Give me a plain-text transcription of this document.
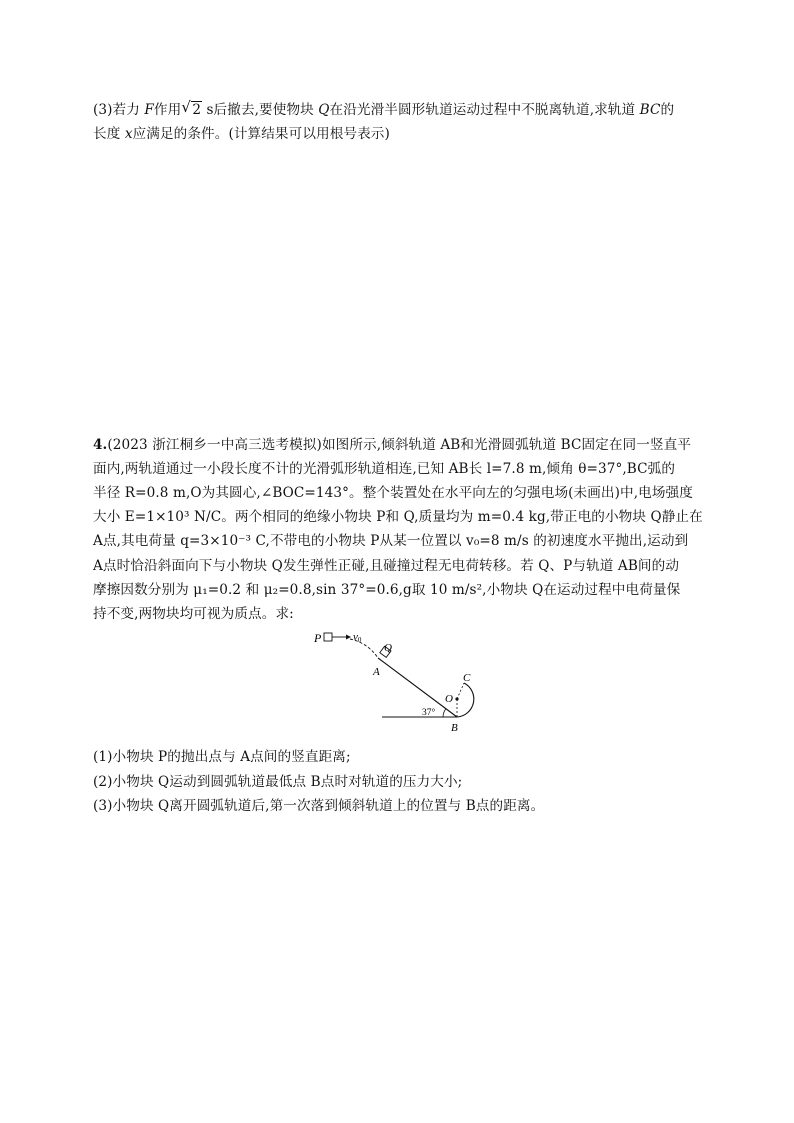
(3)若力 F作用 √ 2 s后撤去,要使物块 Q在沿光滑半圆形轨道运动过程中不脱离轨道,求轨道 BC的
长度 x应满足的条件。(计算结果可以用根号表示)
4.(2023 浙江桐乡一中高三选考模拟)如图所示,倾斜轨道 AB和光滑圆弧轨道 BC固定在同一竖直平
面内,两轨道通过一小段长度不计的光滑弧形轨道相连,已知 AB长 l=7.8 m,倾角 θ=37°,BC弧的
半径 R=0.8 m,O为其圆心,∠BOC=143°。整个装置处在水平向左的匀强电场(未画出)中,电场强度
大小 E=1×10³ N/C。两个相同的绝缘小物块 P和 Q,质量均为 m=0.4 kg,带正电的小物块 Q静止在
A点,其电荷量 q=3×10⁻³ C,不带电的小物块 P从某一位置以 v₀=8 m/s 的初速度水平抛出,运动到
A点时恰沿斜面向下与小物块 Q发生弹性正碰,且碰撞过程无电荷转移。若 Q、P与轨道 AB间的动
摩擦因数分别为 μ₁=0.2 和 μ₂=0.8,sin 37°=0.6,g取 10 m/s²,小物块 Q在运动过程中电荷量保
持不变,两物块均可视为质点。求:
P	v0
Q
A
O
C
B
37°
(1)小物块 P的抛出点与 A点间的竖直距离;
(2)小物块 Q运动到圆弧轨道最低点 B点时对轨道的压力大小;
(3)小物块 Q离开圆弧轨道后,第一次落到倾斜轨道上的位置与 B点的距离。
